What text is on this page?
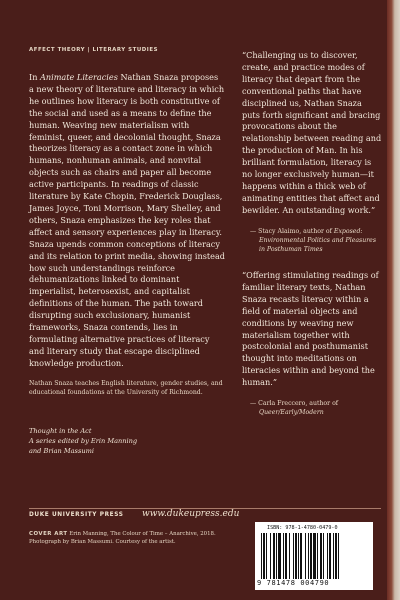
AFFECT THEORY | LITERARY STUDIES

In Animate Literacies Nathan Snaza proposes a new theory of literature and literacy in which he outlines how literacy is both constitutive of the social and used as a means to define the human. Weaving new materialism with feminist, queer, and decolonial thought, Snaza theorizes literacy as a contact zone in which humans, nonhuman animals, and nonvital objects such as chairs and paper all become active participants. In readings of classic literature by Kate Chopin, Frederick Douglass, James Joyce, Toni Morrison, Mary Shelley, and others, Snaza emphasizes the key roles that affect and sensory experiences play in literacy. Snaza upends common conceptions of literacy and its relation to print media, showing instead how such understandings reinforce dehumanizations linked to dominant imperialist, heterosexist, and capitalist definitions of the human. The path toward disrupting such exclusionary, humanist frameworks, Snaza contends, lies in formulating alternative practices of literacy and literary study that escape disciplined knowledge production.

Nathan Snaza teaches English literature, gender studies, and educational foundations at the University of Richmond.
Thought in the Act
A series edited by Erin Manning
and Brian Massumi

“Challenging us to discover, create, and practice modes of literacy that depart from the conventional paths that have disciplined us, Nathan Snaza puts forth significant and bracing provocations about the relationship between reading and the production of Man. In his brilliant formulation, literacy is no longer exclusively human—it happens within a thick web of animating entities that affect and bewilder. An outstanding work.”

— Stacy Alaimo, author of Exposed: Environmental Politics and Pleasures in Posthuman Times

“Offering stimulating readings of familiar literary texts, Nathan Snaza recasts literacy within a field of material objects and conditions by weaving new materialism together with postcolonial and posthumanist thought into meditations on literacies within and beyond the human.”

— Carla Freccero, author of Queer/Early/Modern
DUKE UNIVERSITY PRESS www.dukeupress.edu
COVER ART Erin Manning, The Colour of Time – Anarchive, 2018. Photograph by Brian Massumi. Courtesy of the artist.
ISBN: 978-1-4780-0479-0
9 781478 004790
